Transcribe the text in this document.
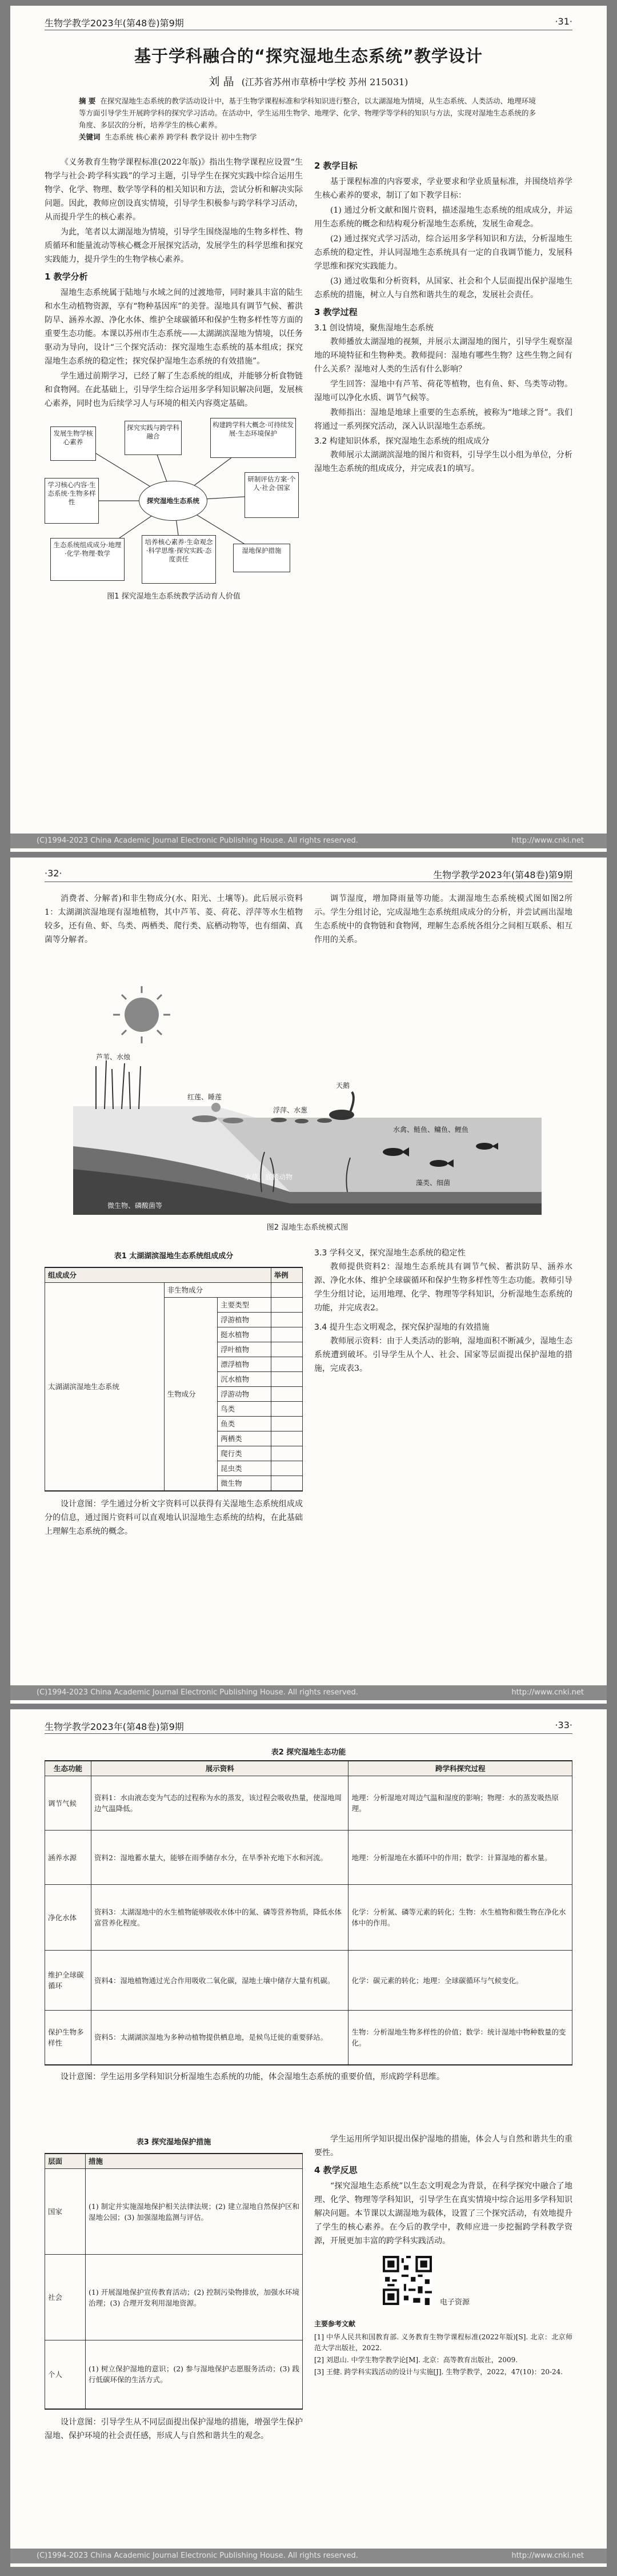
生物学教学2023年(第48卷)第9期	·31·
基于学科融合的“探究湿地生态系统”教学设计
刘 晶 (江苏省苏州市草桥中学校 苏州 215031)
摘 要 在探究湿地生态系统的教学活动设计中，基于生物学课程标准和学科知识进行整合，以太湖湿地为情境，从生态系统、人类活动、地理环境等方面引导学生开展跨学科的探究学习活动。在活动中，学生运用生物学、地理学、化学、物理学等学科的知识与方法，实现对湿地生态系统的多角度、多层次的分析，培养学生的核心素养。
关键词 生态系统 核心素养 跨学科 教学设计 初中生物学

《义务教育生物学课程标准(2022年版)》指出生物学课程应设置“生物学与社会·跨学科实践”的学习主题，引导学生在探究实践中综合运用生物学、化学、物理、数学等学科的相关知识和方法，尝试分析和解决实际问题。因此，教师应创设真实情境，引导学生积极参与跨学科学习活动，从而提升学生的核心素养。

为此，笔者以太湖湿地为情境，引导学生围绕湿地的生物多样性、物质循环和能量流动等核心概念开展探究活动，发展学生的科学思维和探究实践能力，提升学生的生物学核心素养。

1 教学分析

湿地生态系统属于陆地与水域之间的过渡地带，同时兼具丰富的陆生和水生动植物资源，享有“物种基因库”的美誉。湿地具有调节气候、蓄洪防旱、涵养水源、净化水体、维护全球碳循环和保护生物多样性等方面的重要生态功能。本课以苏州市生态系统——太湖湖滨湿地为情境，以任务驱动为导向，设计“三个探究活动：探究湿地生态系统的基本组成；探究湿地生态系统的稳定性；探究保护湿地生态系统的有效措施”。

学生通过前期学习，已经了解了生态系统的组成，并能够分析食物链和食物网。在此基础上，引导学生综合运用多学科知识解决问题，发展核心素养，同时也为后续学习人与环境的相关内容奠定基础。

发展生物学核心素养
探究实践与跨学科融合
构建跨学科大概念·可持续发展·生态环境保护
学习核心内容·生态系统·生物多样性
研制评估方案·个人·社会·国家
生态系统组成成分·地理·化学·物理·数学
培养核心素养·生命观念·科学思维·探究实践·态度责任
湿地保护措施
探究湿地生态系统
图1 探究湿地生态系统教学活动育人价值
2 教学目标

基于课程标准的内容要求，学业要求和学业质量标准，并围绕培养学生核心素养的要求，制订了如下教学目标：

(1) 通过分析文献和图片资料，描述湿地生态系统的组成成分，并运用生态系统的概念和结构观分析湿地生态系统，发展生命观念。

(2) 通过探究式学习活动，综合运用多学科知识和方法，分析湿地生态系统的稳定性，并认同湿地生态系统具有一定的自我调节能力，发展科学思维和探究实践能力。

(3) 通过收集和分析资料，从国家、社会和个人层面提出保护湿地生态系统的措施，树立人与自然和谐共生的观念，发展社会责任。

3 教学过程
3.1 创设情境，聚焦湿地生态系统

教师播放太湖湿地的视频，并展示太湖湿地的图片，引导学生观察湿地的环境特征和生物种类。教师提问：湿地有哪些生物？这些生物之间有什么关系？湿地对人类的生活有什么影响？

学生回答：湿地中有芦苇、荷花等植物，也有鱼、虾、鸟类等动物。湿地可以净化水质、调节气候等。

教师指出：湿地是地球上重要的生态系统，被称为“地球之肾”。我们将通过一系列探究活动，深入认识湿地生态系统。

3.2 构建知识体系，探究湿地生态系统的组成成分

教师展示太湖湖滨湿地的图片和资料，引导学生以小组为单位，分析湿地生态系统的组成成分，并完成表1的填写。

(C)1994-2023 China Academic Journal Electronic Publishing House. All rights reserved.	http://www.cnki.net
·32·	生物学教学2023年(第48卷)第9期

消费者、分解者)和非生物成分(水、阳光、土壤等)。此后展示资料1：太湖湖滨湿地现有湿地植物，其中芦苇、菱、荷花、浮萍等水生植物较多，还有鱼、虾、鸟类、两栖类、爬行类、底栖动物等，也有细菌、真菌等分解者。

调节湿度，增加降雨量等功能。太湖湿地生态系统模式图如图2所示。学生分组讨论，完成湿地生态系统组成成分的分析，并尝试画出湿地生态系统中的食物链和食物网，理解生态系统各组分之间相互联系、相互作用的关系。

芦苇、水烛
红莲、睡莲
浮萍、水葱
天鹅
水禽、鲢鱼、鳙鱼、鲤鱼
水草、底栖动物
藻类、细菌
微生物、磷酸菌等
图2 湿地生态系统模式图
表1 太湖湖滨湿地生态系统组成成分
组成成分			举例
太湖湖滨湿地生态系统	非生物成分		
	生物成分	主要类型	
		浮游植物	
		挺水植物	
		浮叶植物	
		漂浮植物	
		沉水植物	
		浮游动物	
		鸟类	
		鱼类	
		两栖类	
		爬行类	
		昆虫类	
		微生物	

设计意图：学生通过分析文字资料可以获得有关湿地生态系统组成成分的信息，通过图片资料可以直观地认识湿地生态系统的结构，在此基础上理解生态系统的概念。

3.3 学科交叉，探究湿地生态系统的稳定性

教师提供资料2：湿地生态系统具有调节气候、蓄洪防旱、涵养水源、净化水体、维护全球碳循环和保护生物多样性等生态功能。教师引导学生分组讨论，运用地理、化学、物理等学科知识，分析湿地生态系统的功能，并完成表2。

3.4 提升生态文明观念，探究保护湿地的有效措施

教师展示资料：由于人类活动的影响，湿地面积不断减少，湿地生态系统遭到破坏。引导学生从个人、社会、国家等层面提出保护湿地的措施，完成表3。

(C)1994-2023 China Academic Journal Electronic Publishing House. All rights reserved.	http://www.cnki.net
生物学教学2023年(第48卷)第9期	·33·
表2 探究湿地生态功能
生态功能	展示资料	跨学科探究过程
调节气候	资料1：水由液态变为气态的过程称为水的蒸发，该过程会吸收热量，使湿地周边气温降低。	地理：分析湿地对周边气温和湿度的影响；物理：水的蒸发吸热原理。
涵养水源	资料2：湿地蓄水量大，能够在雨季储存水分，在旱季补充地下水和河流。	地理：分析湿地在水循环中的作用；数学：计算湿地的蓄水量。
净化水体	资料3：太湖湿地中的水生植物能够吸收水体中的氮、磷等营养物质，降低水体富营养化程度。	化学：分析氮、磷等元素的转化；生物：水生植物和微生物在净化水体中的作用。
维护全球碳循环	资料4：湿地植物通过光合作用吸收二氧化碳，湿地土壤中储存大量有机碳。	化学：碳元素的转化；地理：全球碳循环与气候变化。
保护生物多样性	资料5：太湖湖滨湿地为多种动植物提供栖息地，是候鸟迁徙的重要驿站。	生物：分析湿地生物多样性的价值；数学：统计湿地中物种数量的变化。

设计意图：学生运用多学科知识分析湿地生态系统的功能，体会湿地生态系统的重要价值，形成跨学科思维。

表3 探究湿地保护措施
层面	措施
国家	(1) 制定并实施湿地保护相关法律法规；(2) 建立湿地自然保护区和湿地公园；(3) 加强湿地监测与评估。
社会	(1) 开展湿地保护宣传教育活动；(2) 控制污染物排放，加强水环境治理；(3) 合理开发利用湿地资源。
个人	(1) 树立保护湿地的意识；(2) 参与湿地保护志愿服务活动；(3) 践行低碳环保的生活方式。

设计意图：引导学生从不同层面提出保护湿地的措施，增强学生保护湿地、保护环境的社会责任感，形成人与自然和谐共生的观念。

学生运用所学知识提出保护湿地的措施，体会人与自然和谐共生的重要性。

4 教学反思

“探究湿地生态系统”以生态文明观念为背景，在科学探究中融合了地理、化学、物理等学科知识，引导学生在真实情境中综合运用多学科知识解决问题。本节课以太湖湿地为载体，设置了三个探究活动，有效地提升了学生的核心素养。在今后的教学中，教师应进一步挖掘跨学科教学资源，开展更加丰富的跨学科实践活动。

电子资源
主要参考文献

[1] 中华人民共和国教育部. 义务教育生物学课程标准(2022年版)[S]. 北京：北京师范大学出版社，2022.

[2] 刘恩山. 中学生物学教学论[M]. 北京：高等教育出版社，2009.

[3] 王健. 跨学科实践活动的设计与实施[J]. 生物学教学，2022，47(10)：20-24.

(C)1994-2023 China Academic Journal Electronic Publishing House. All rights reserved.	http://www.cnki.net
